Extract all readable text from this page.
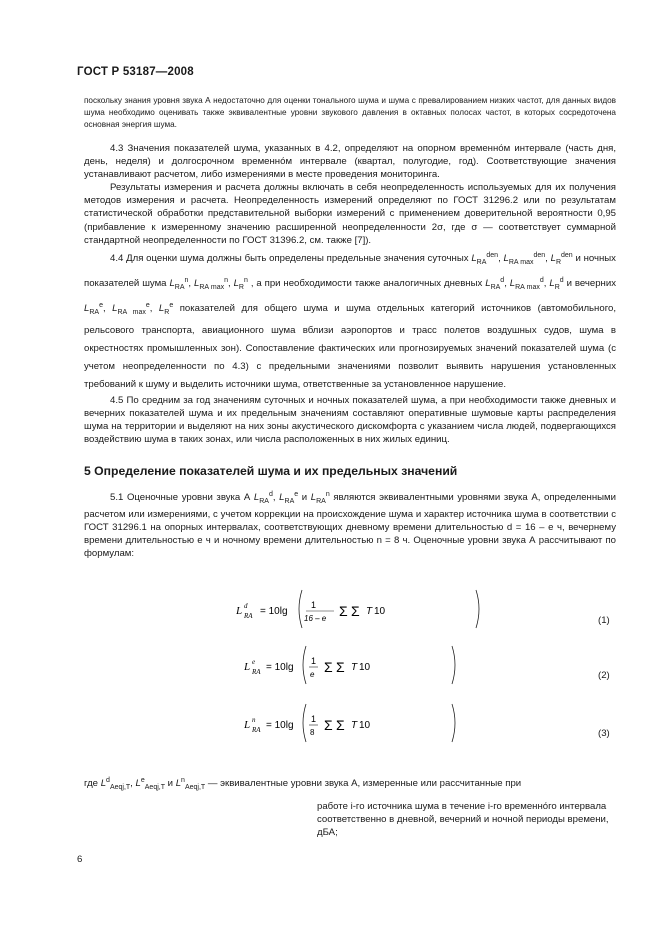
ГОСТ Р 53187—2008

поскольку знания уровня звука А недостаточно для оценки тонального шума и шума с превалированием низких частот, для данных видов шума необходимо оценивать также эквивалентные уровни звукового давления в октавных полосах частот, в которых сосредоточена основная энергия шума.

4.3 Значения показателей шума, указанных в 4.2, определяют на опорном временно́м интервале (часть дня, день, неделя) и долгосрочном временно́м интервале (квартал, полугодие, год). Соответствующие значения устанавливают расчетом, либо измерениями в месте проведения мониторинга.

Результаты измерения и расчета должны включать в себя неопределенность используемых для их получения методов измерения и расчета. Неопределенность измерений определяют по ГОСТ 31296.2 или по результатам статистической обработки представительной выборки измерений с применением доверительной вероятности 0,95 (прибавление к измеренному значению расширенной неопределенности 2σ, где σ — соответствует суммарной стандартной неопределенности по ГОСТ 31396.2, см. также [7]).

4.4 Для оценки шума должны быть определены предельные значения суточных $L_{RA}^{den}$, $L_{RA max}^{den}$, $L_R^{den}$ и ночных показателей шума $L_{RA}^n$, $L_{RA max}^n$, $L_R^n$ , а при необходимости также аналогичных дневных $L_{RA}^d$, $L_{RA max}^d$, $L_R^d$ и вечерних $L_{RA}^e$, $L_{RA max}^e$, $L_R^e$ показателей для общего шума и шума отдельных категорий источников (автомобильного, рельсового транспорта, авиационного шума вблизи аэропортов и трасс полетов воздушных судов, шума в окрестностях промышленных зон). Сопоставление фактических или прогнозируемых значений показателей шума (с учетом неопределенности по 4.3) с предельными значениями позволит выявить нарушения установленных требований к шуму и выделить источники шума, ответственные за установленное нарушение.

4.5 По средним за год значениям суточных и ночных показателей шума, а при необходимости также дневных и вечерних показателей шума и их предельным значениям составляют оперативные шумовые карты распределения шума на территории и выделяют на них зоны акустического дискомфорта с указанием числа людей, подвергающихся воздействию шума в таких зонах, или числа расположенных в них жилых единиц.

5 Определение показателей шума и их предельных значений

5.1 Оценочные уровни звука А $L_{RA}^d$, $L_{RA}^e$ и $L_{RA}^n$ являются эквивалентными уровнями звука А, определенными расчетом или измерениями, с учетом коррекции на происхождение шума и характер источника шума в соответствии с ГОСТ 31296.1 на опорных интервалах, соответствующих дневному времени длительностью d = 16 – e ч, вечернему времени длительностью e ч и ночному времени длительностью n = 8 ч. Оценочные уровни звука А рассчитывают по формулам:

L d
RA = 10lg
1
16 – e Σ Σ T 10
(1)
L e
RA = 10lg
1
e Σ Σ T 10
(2)
L n
RA = 10lg
1
8 Σ Σ T 10
(3)
где $L^d_{Aeqj,T}$, $L^e_{Aeqj,T}$ и $L^n_{Aeqj,T}$ — эквивалентные уровни звука А, измеренные или рассчитанные при
работе i-го источника шума в течение i-го временно́го интервала соответственно в дневной, вечерний и ночной периоды времени, дБА;
6
